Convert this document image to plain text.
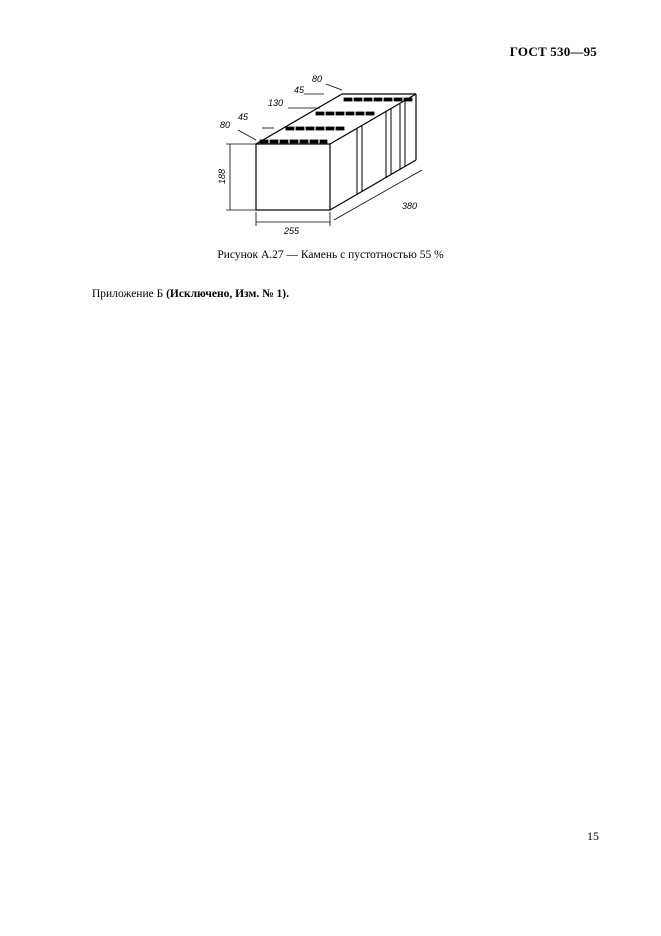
ГОСТ 530—95
80
45
130
45
80
188
255
380
Рисунок А.27 — Камень с пустотностью 55 %
Приложение Б (Исключено, Изм. № 1).
15
